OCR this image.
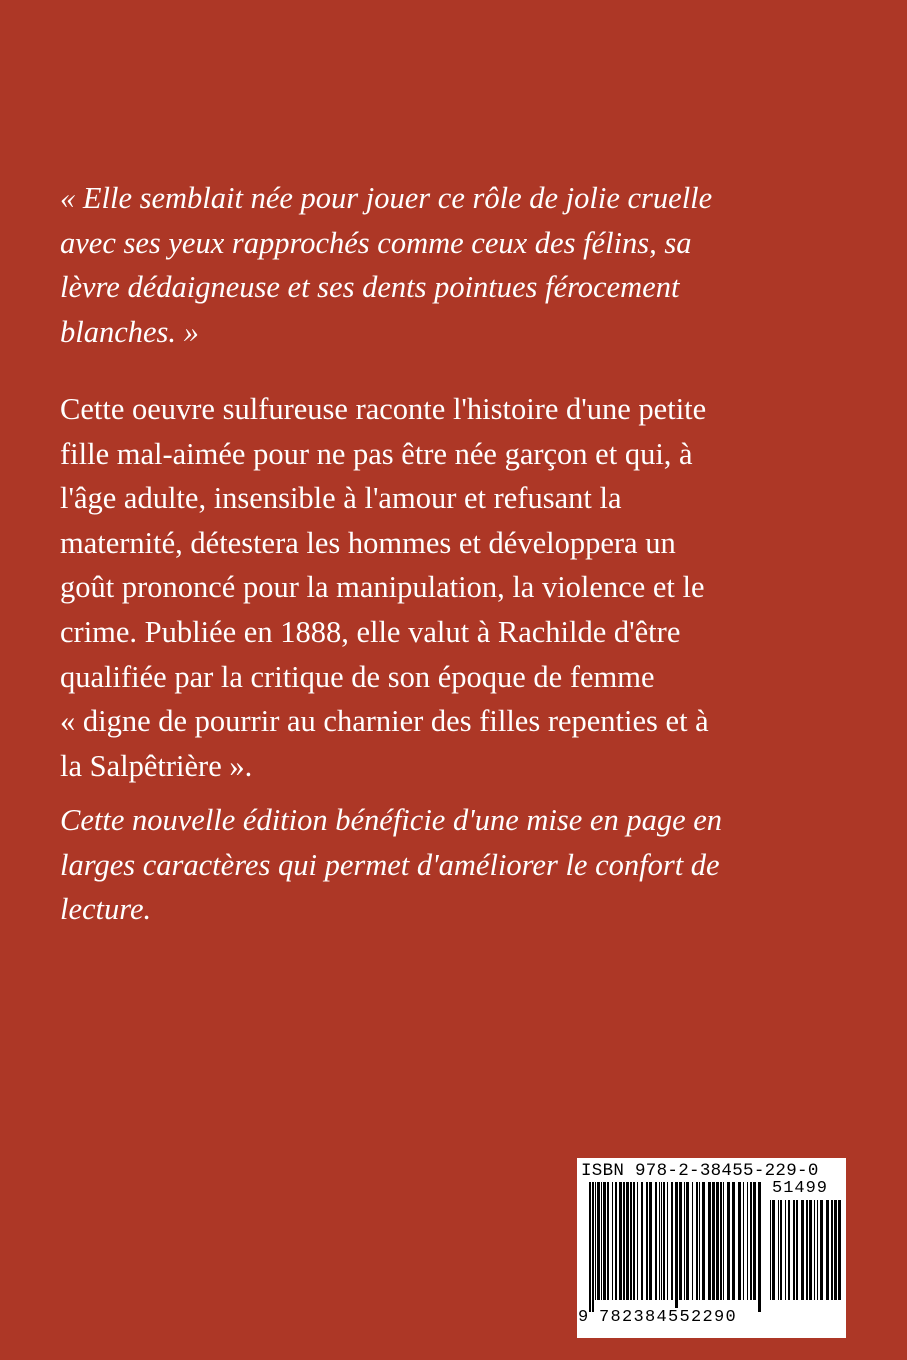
« Elle semblait née pour jouer ce rôle de jolie cruelle
avec ses yeux rapprochés comme ceux des félins, sa
lèvre dédaigneuse et ses dents pointues férocement
blanches. »
Cette oeuvre sulfureuse raconte l'histoire d'une petite
fille mal-aimée pour ne pas être née garçon et qui, à
l'âge adulte, insensible à l'amour et refusant la
maternité, détestera les hommes et développera un
goût prononcé pour la manipulation, la violence et le
crime. Publiée en 1888, elle valut à Rachilde d'être
qualifiée par la critique de son époque de femme
« digne de pourrir au charnier des filles repenties et à
la Salpêtrière ».
Cette nouvelle édition bénéficie d'une mise en page en
larges caractères qui permet d'améliorer le confort de
lecture.
ISBN 978-2-38455-229-0
51499
9 782384552290
